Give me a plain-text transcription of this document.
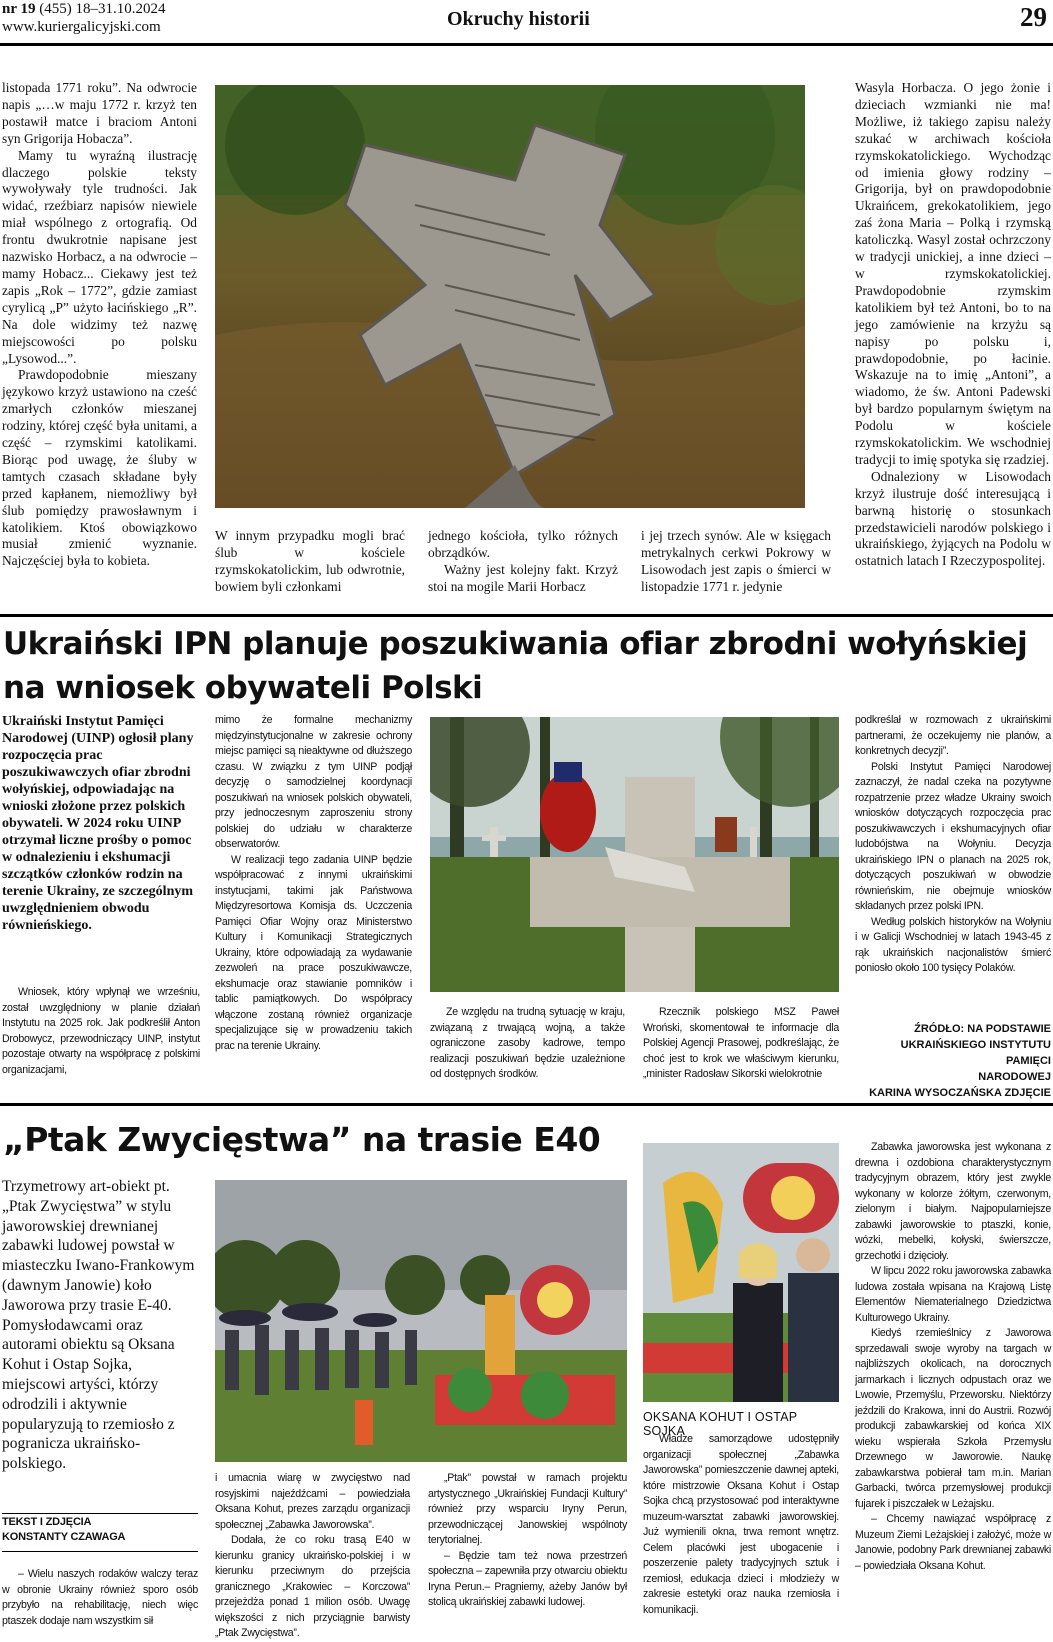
nr 19 (455) 18–31.10.2024
www.kuriergalicyjski.com	Okruchy historii	29

listopada 1771 roku”. Na odwrocie napis „…w maju 1772 r. krzyż ten postawił matce i braciom Antoni syn Grigorija Hobacza”.

Mamy tu wyraźną ilustrację dlaczego polskie teksty wywoływały tyle trudności. Jak widać, rzeźbiarz napisów niewiele miał wspólnego z ortografią. Od frontu dwukrotnie napisane jest nazwisko Horbacz, a na odwrocie – mamy Hobacz... Ciekawy jest też zapis „Rok – 1772”, gdzie zamiast cyrylicą „P” użyto łacińskiego „R”. Na dole widzimy też nazwę miejscowości po polsku „Lysowod...”.

Prawdopodobnie mieszany językowo krzyż ustawiono na cześć zmarłych członków mieszanej rodziny, której część była unitami, a część – rzymskimi katolikami. Biorąc pod uwagę, że śluby w tamtych czasach składane były przed kapłanem, niemożliwy był ślub pomiędzy prawosławnym i katolikiem. Ktoś obowiązkowo musiał zmienić wyznanie. Najczęściej była to kobieta.

W innym przypadku mogli brać ślub w kościele rzymskokatolickim, lub odwrotnie, bowiem byli członkami

jednego kościoła, tylko różnych obrządków.

Ważny jest kolejny fakt. Krzyż stoi na mogile Marii Horbacz

i jej trzech synów. Ale w księgach metrykalnych cerkwi Pokrowy w Lisowodach jest zapis o śmierci w listopadzie 1771 r. jedynie

Wasyla Horbacza. O jego żonie i dzieciach wzmianki nie ma! Możliwe, iż takiego zapisu należy szukać w archiwach kościoła rzymskokatolickiego. Wychodząc od imienia głowy rodziny – Grigorija, był on prawdopodobnie Ukraińcem, grekokatolikiem, jego zaś żona Maria – Polką i rzymską katoliczką. Wasyl został ochrzczony w tradycji unickiej, a inne dzieci – w rzymskokatolickiej. Prawdopodobnie rzymskim katolikiem był też Antoni, bo to na jego zamówienie na krzyżu są napisy po polsku i, prawdopodobnie, po łacinie. Wskazuje na to imię „Antoni”, a wiadomo, że św. Antoni Padewski był bardzo popularnym świętym na Podolu w kościele rzymskokatolickim. We wschodniej tradycji to imię spotyka się rzadziej.

Odnaleziony w Lisowodach krzyż ilustruje dość interesującą i barwną historię o stosunkach przedstawicieli narodów polskiego i ukraińskiego, żyjących na Podolu w ostatnich latach I Rzeczypospolitej.

Ukraiński IPN planuje poszukiwania ofiar zbrodni wołyńskiej
na wniosek obywateli Polski
Ukraiński Instytut Pamięci Narodowej (UINP) ogłosił plany rozpoczęcia prac poszukiwawczych ofiar zbrodni wołyńskiej, odpowiadając na wnioski złożone przez polskich obywateli. W 2024 roku UINP otrzymał liczne prośby o pomoc w odnalezieniu i ekshumacji szczątków członków rodzin na terenie Ukrainy, ze szczególnym uwzględnieniem obwodu równieńskiego.

Wniosek, który wpłynął we wrześniu, został uwzględniony w planie działań Instytutu na 2025 rok. Jak podkreślił Anton Drobowycz, przewodniczący UINP, instytut pozostaje otwarty na współpracę z polskimi organizacjami,

mimo że formalne mechanizmy międzyinstytucjonalne w zakresie ochrony miejsc pamięci są nieaktywne od dłuższego czasu. W związku z tym UINP podjął decyzję o samodzielnej koordynacji poszukiwań na wniosek polskich obywateli, przy jednoczesnym zaproszeniu strony polskiej do udziału w charakterze obserwatorów.

W realizacji tego zadania UINP będzie współpracować z innymi ukraińskimi instytucjami, takimi jak Państwowa Międzyresortowa Komisja ds. Uczczenia Pamięci Ofiar Wojny oraz Ministerstwo Kultury i Komunikacji Strategicznych Ukrainy, które odpowiadają za wydawanie zezwoleń na prace poszukiwawcze, ekshumacje oraz stawianie pomników i tablic pamiątkowych. Do współpracy włączone zostaną również organizacje specjalizujące się w prowadzeniu takich prac na terenie Ukrainy.

Ze względu na trudną sytuację w kraju, związaną z trwającą wojną, a także ograniczone zasoby kadrowe, tempo realizacji poszukiwań będzie uzależnione od dostępnych środków.

Rzecznik polskiego MSZ Paweł Wroński, skomentował te informacje dla Polskiej Agencji Prasowej, podkreślając, że choć jest to krok we właściwym kierunku, „minister Radosław Sikorski wielokrotnie

podkreślał w rozmowach z ukraińskimi partnerami, że oczekujemy nie planów, a konkretnych decyzji”.

Polski Instytut Pamięci Narodowej zaznaczył, że nadal czeka na pozytywne rozpatrzenie przez władze Ukrainy swoich wniosków dotyczących rozpoczęcia prac poszukiwawczych i ekshumacyjnych ofiar ludobójstwa na Wołyniu. Decyzja ukraińskiego IPN o planach na 2025 rok, dotyczących poszukiwań w obwodzie równieńskim, nie obejmuje wniosków składanych przez polski IPN.

Według polskich historyków na Wołyniu i w Galicji Wschodniej w latach 1943-45 z rąk ukraińskich nacjonalistów śmierć poniosło około 100 tysięcy Polaków.

ŹRÓDŁO: NA PODSTAWIE
UKRAIŃSKIEGO INSTYTUTU PAMIĘCI
NARODOWEJ
KARINA WYSOCZAŃSKA ZDJĘCIE
„Ptak Zwycięstwa” na trasie E40
Trzymetrowy art-obiekt pt. „Ptak Zwycięstwa” w stylu jaworowskiej drewnianej zabawki ludowej powstał w miasteczku Iwano-Frankowym (dawnym Janowie) koło Jaworowa przy trasie E-40. Pomysłodawcami oraz autorami obiektu są Oksana Kohut i Ostap Sojka, miejscowi artyści, którzy odrodzili i aktywnie popularyzują to rzemiosło z pogranicza ukraińsko-polskiego.
TEKST I ZDJĘCIA
KONSTANTY CZAWAGA

– Wielu naszych rodaków walczy teraz w obronie Ukrainy również sporo osób przybyło na rehabilitację, niech więc ptaszek dodaje nam wszystkim sił

i umacnia wiarę w zwycięstwo nad rosyjskimi najeźdźcami – powiedziała Oksana Kohut, prezes zarządu organizacji społecznej „Zabawka Jaworowska”.

Dodała, że co roku trasą E40 w kierunku granicy ukraińsko-polskiej i w kierunku przeciwnym do przejścia granicznego „Krakowiec – Korczowa” przejeżdża ponad 1 milion osób. Uwagę większości z nich przyciągnie barwisty „Ptak Zwycięstwa”.

„Ptak” powstał w ramach projektu artystycznego „Ukraińskiej Fundacji Kultury” również przy wsparciu Iryny Perun, przewodniczącej Janowskiej wspólnoty terytorialnej.

– Będzie tam też nowa przestrzeń społeczna – zapewniła przy otwarciu obiektu Iryna Perun.– Pragniemy, ażeby Janów był stolicą ukraińskiej zabawki ludowej.

OKSANA KOHUT I OSTAP SOJKA

Władze samorządowe udostępniły organizacji społecznej „Zabawka Jaworowska” pomieszczenie dawnej apteki, które mistrzowie Oksana Kohut i Ostap Sojka chcą przystosować pod interaktywne muzeum-warsztat zabawki jaworowskiej. Już wymienili okna, trwa remont wnętrz. Celem placówki jest ubogacenie i poszerzenie palety tradycyjnych sztuk i rzemiosł, edukacja dzieci i młodzieży w zakresie estetyki oraz nauka rzemiosła i komunikacji.

Zabawka jaworowska jest wykonana z drewna i ozdobiona charakterystycznym tradycyjnym obrazem, który jest zwykle wykonany w kolorze żółtym, czerwonym, zielonym i białym. Najpopularniejsze zabawki jaworowskie to ptaszki, konie, wózki, mebelki, kołyski, świerszcze, grzechotki i dzięcioły.

W lipcu 2022 roku jaworowska zabawka ludowa została wpisana na Krajową Listę Elementów Niematerialnego Dziedzictwa Kulturowego Ukrainy.

Kiedyś rzemieślnicy z Jaworowa sprzedawali swoje wyroby na targach w najbliższych okolicach, na dorocznych jarmarkach i licznych odpustach oraz we Lwowie, Przemyślu, Przeworsku. Niektórzy jeździli do Krakowa, inni do Austrii. Rozwój produkcji zabawkarskiej od końca XIX wieku wspierała Szkoła Przemysłu Drzewnego w Jaworowie. Naukę zabawkarstwa pobierał tam m.in. Marian Garbacki, twórca przemysłowej produkcji fujarek i piszczałek w Leżajsku.

– Chcemy nawiązać współpracę z Muzeum Ziemi Leżajskiej i założyć, może w Janowie, podobny Park drewnianej zabawki – powiedziała Oksana Kohut.
